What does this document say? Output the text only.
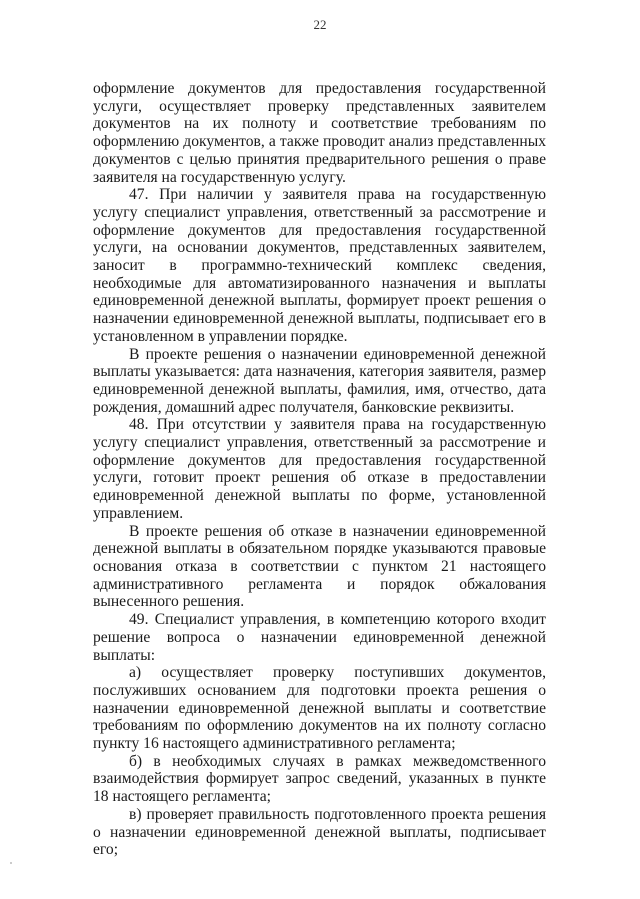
22

оформление документов для предоставления государственной услуги, осуществляет проверку представленных заявителем документов на их полноту и соответствие требованиям по оформлению документов, а также проводит анализ представленных документов с целью принятия предварительного решения о праве заявителя на государственную услугу.

47. При наличии у заявителя права на государственную услугу специалист управления, ответственный за рассмотрение и оформление документов для предоставления государственной услуги, на основании документов, представленных заявителем, заносит в программно-технический комплекс сведения, необходимые для автоматизированного назначения и выплаты единовременной денежной выплаты, формирует проект решения о назначении единовременной денежной выплаты, подписывает его в установленном в управлении порядке.

В проекте решения о назначении единовременной денежной выплаты указывается: дата назначения, категория заявителя, размер единовременной денежной выплаты, фамилия, имя, отчество, дата рождения, домашний адрес получателя, банковские реквизиты.

48. При отсутствии у заявителя права на государственную услугу специалист управления, ответственный за рассмотрение и оформление документов для предоставления государственной услуги, готовит проект решения об отказе в предоставлении единовременной денежной выплаты по форме, установленной управлением.

В проекте решения об отказе в назначении единовременной денежной выплаты в обязательном порядке указываются правовые основания отказа в соответствии с пунктом 21 настоящего административного регламента и порядок обжалования вынесенного решения.

49. Специалист управления, в компетенцию которого входит решение вопроса о назначении единовременной денежной выплаты:

а) осуществляет проверку поступивших документов, послуживших основанием для подготовки проекта решения о назначении единовременной денежной выплаты и соответствие требованиям по оформлению документов на их полноту согласно пункту 16 настоящего административного регламента;

б) в необходимых случаях в рамках межведомственного взаимодействия формирует запрос сведений, указанных в пункте 18 настоящего регламента;

в) проверяет правильность подготовленного проекта решения о назначении единовременной денежной выплаты, подписывает его;
